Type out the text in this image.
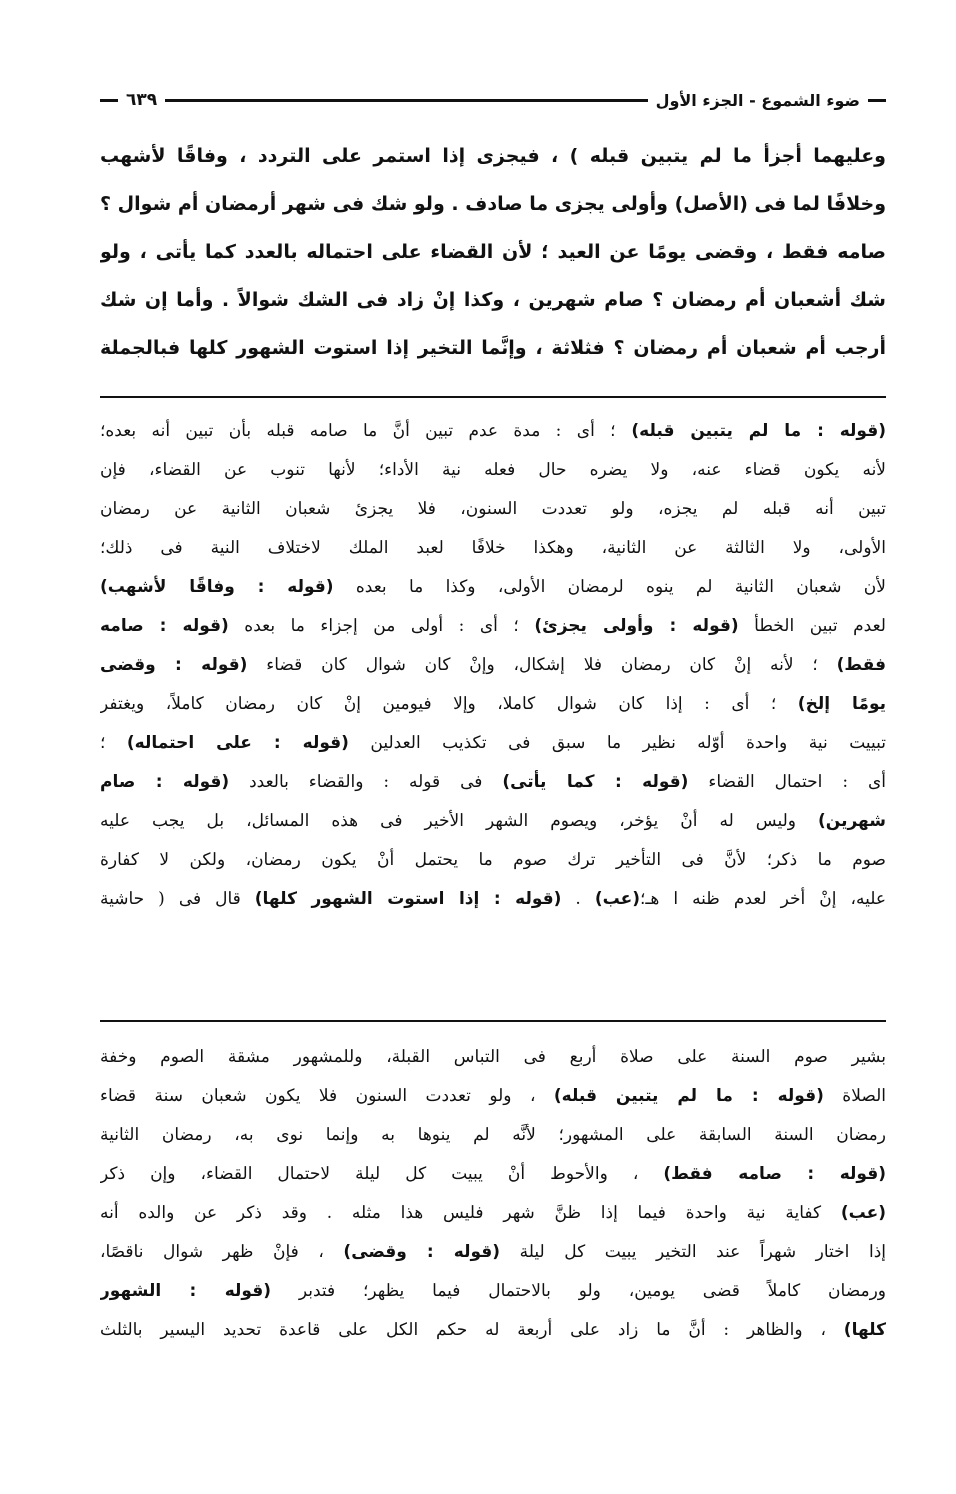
ضوء الشموع - الجزء الأول
٦٣٩
وعليهما أجزأ ما لم يتبين قبله ) ، فيجزى إذا استمر على التردد ، وفاقًا لأشهب
وخلافًا لما فى (الأصل) وأولى يجزى ما صادف . ولو شك فى شهر أرمضان أم شوال ؟
صامه فقط ، وقضى يومًا عن العيد ؛ لأن القضاء على احتماله بالعدد كما يأتى ، ولو
شك أشعبان أم رمضان ؟ صام شهرين ، وكذا إنْ زاد فى الشك شوالاً . وأما إن شك
أرجب أم شعبان أم رمضان ؟ فثلاثة ، وإنَّما التخير إذا استوت الشهور كلها فبالجملة
(قوله : ما لم يتبين قبله) ؛ أى : مدة عدم تبين أنَّ ما صامه قبله بأن تبين أنه بعده؛
لأنه يكون قضاء عنه، ولا يضره حال فعله نية الأداء؛ لأنها تنوب عن القضاء، فإن
تبين أنه قبله لم يجزه، ولو تعددت السنون، فلا يجزئ شعبان الثانية عن رمضان
الأولى، ولا الثالثة عن الثانية، وهكذا خلافًا لعبد الملك لاختلاف النية فى ذلك؛
لأن شعبان الثانية لم ينوه لرمضان الأولى، وكذا ما بعده (قوله : وفاقًا لأشهب)
لعدم تبين الخطأ (قوله : وأولى يجزئ) ؛ أى : أولى من إجزاء ما بعده (قوله : صامه
فقط) ؛ لأنه إنْ كان رمضان فلا إشكال، وإنْ كان شوال كان قضاء (قوله : وقضى
يومًا إلخ) ؛ أى : إذا كان شوال كاملا، وإلا فيومين إنْ كان رمضان كاملاً، ويغتفر
تبييت نية واحدة أوّله نظير ما سبق فى تكذيب العدلين (قوله : على احتماله) ؛
أى : احتمال القضاء (قوله : كما يأتى) فى قوله : والقضاء بالعدد (قوله : صام
شهرين) وليس له أنْ يؤخر، ويصوم الشهر الأخير فى هذه المسائل، بل يجب عليه
صوم ما ذكر؛ لأنَّ فى التأخير ترك صوم ما يحتمل أنْ يكون رمضان، ولكن لا كفارة
عليه، إنْ أخر لعدم ظنه ا هـ؛(عب) . (قوله : إذا استوت الشهور كلها) قال فى ( حاشية
بشير صوم السنة على صلاة أربع فى التباس القبلة، وللمشهور مشقة الصوم وخفة
الصلاة (قوله : ما لم يتبين قبله) ، ولو تعددت السنون فلا يكون شعبان سنة قضاء
رمضان السنة السابقة على المشهور؛ لأنَّه لم ينوها به وإنما نوى به، رمضان الثانية
(قوله : صامه فقط) ، والأحوط أنْ يبيت كل ليلة لاحتمال القضاء، وإن ذكر
(عب) كفاية نية واحدة فيما إذا ظنَّ شهر فليس هذا مثله . وقد ذكر عن والده أنه
إذا اختار شهراً عند التخير يبيت كل ليلة (قوله : وقضى) ، فإنْ ظهر شوال ناقصًا،
ورمضان كاملاً قضى يومين، ولو بالاحتمال فيما يظهر؛ فتدبر (قوله : الشهور
كلها) ، والظاهر : أنَّ ما زاد على أربعة له حكم الكل على قاعدة تحديد اليسير بالثلث
